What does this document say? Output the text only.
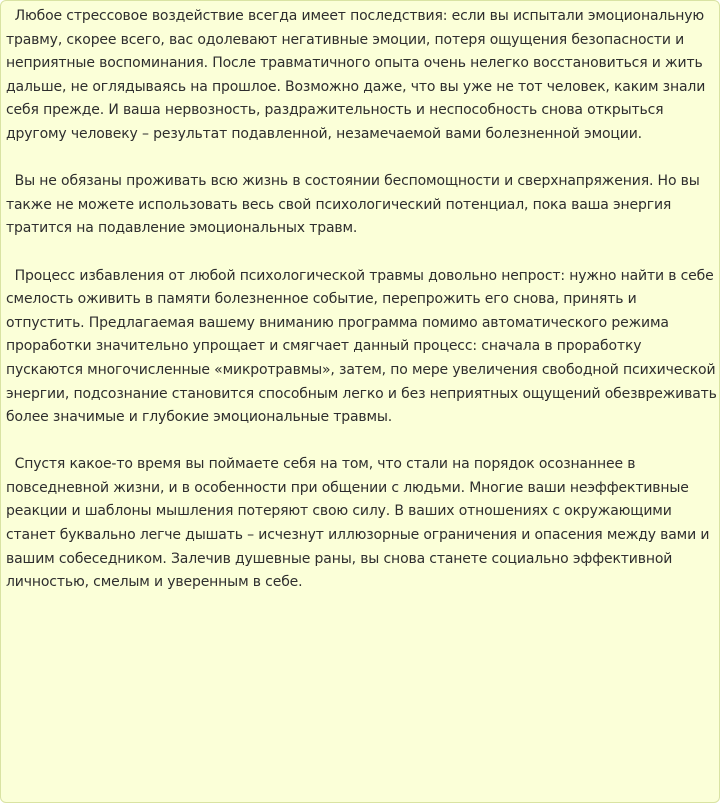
Любое стрессовое воздействие всегда имеет последствия: если вы испытали эмоциональную травму, скорее всего, вас одолевают негативные эмоции, потеря ощущения безопасности и неприятные воспоминания. После травматичного опыта очень нелегко восстановиться и жить дальше, не оглядываясь на прошлое. Возможно даже, что вы уже не тот человек, каким знали себя прежде. И ваша нервозность, раздражительность и неспособность снова открыться другому человеку – результат подавленной, незамечаемой вами болезненной эмоции.

Вы не обязаны проживать всю жизнь в состоянии беспомощности и сверхнапряжения. Но вы также не можете использовать весь свой психологический потенциал, пока ваша энергия тратится на подавление эмоциональных травм.

Процесс избавления от любой психологической травмы довольно непрост: нужно найти в себе смелость оживить в памяти болезненное событие, перепрожить его снова, принять и отпустить. Предлагаемая вашему вниманию программа помимо автоматического режима проработки значительно упрощает и смягчает данный процесс: сначала в проработку пускаются многочисленные «микротравмы», затем, по мере увеличения свободной психической энергии, подсознание становится способным легко и без неприятных ощущений обезвреживать более значимые и глубокие эмоциональные травмы.

Спустя какое-то время вы поймаете себя на том, что стали на порядок осознаннее в повседневной жизни, и в особенности при общении с людьми. Многие ваши неэффективные реакции и шаблоны мышления потеряют свою силу. В ваших отношениях с окружающими станет буквально легче дышать – исчезнут иллюзорные ограничения и опасения между вами и вашим собеседником. Залечив душевные раны, вы снова станете социально эффективной личностью, смелым и уверенным в себе.
